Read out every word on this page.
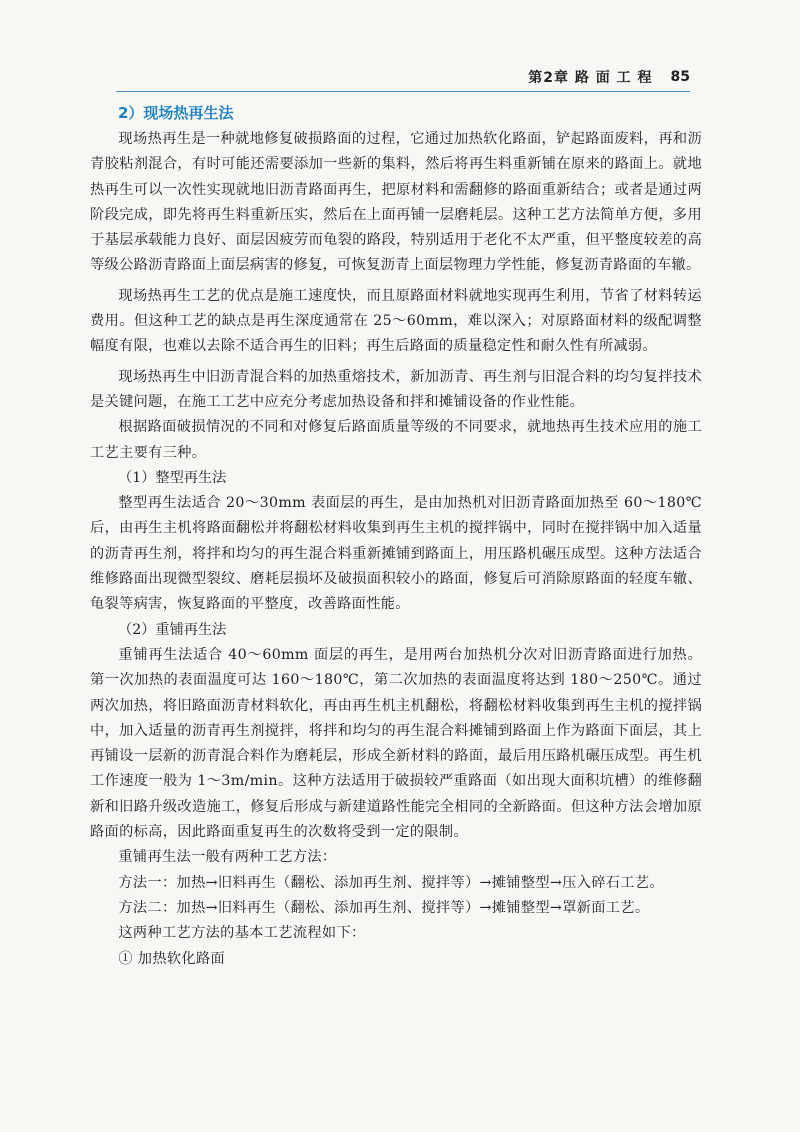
第2章 路 面 工 程 85
2）现场热再生法

现场热再生是一种就地修复破损路面的过程，它通过加热软化路面，铲起路面废料，再和沥青胶粘剂混合，有时可能还需要添加一些新的集料，然后将再生料重新铺在原来的路面上。就地热再生可以一次性实现就地旧沥青路面再生，把原材料和需翻修的路面重新结合；或者是通过两阶段完成，即先将再生料重新压实，然后在上面再铺一层磨耗层。这种工艺方法简单方便，多用于基层承载能力良好、面层因疲劳而龟裂的路段，特别适用于老化不太严重，但平整度较差的高等级公路沥青路面上面层病害的修复，可恢复沥青上面层物理力学性能，修复沥青路面的车辙。

现场热再生工艺的优点是施工速度快，而且原路面材料就地实现再生利用，节省了材料转运费用。但这种工艺的缺点是再生深度通常在 25～60mm，难以深入；对原路面材料的级配调整幅度有限，也难以去除不适合再生的旧料；再生后路面的质量稳定性和耐久性有所减弱。

现场热再生中旧沥青混合料的加热重熔技术，新加沥青、再生剂与旧混合料的均匀复拌技术是关键问题，在施工工艺中应充分考虑加热设备和拌和摊铺设备的作业性能。

根据路面破损情况的不同和对修复后路面质量等级的不同要求，就地热再生技术应用的施工工艺主要有三种。

（1）整型再生法

整型再生法适合 20～30mm 表面层的再生，是由加热机对旧沥青路面加热至 60～180℃后，由再生主机将路面翻松并将翻松材料收集到再生主机的搅拌锅中，同时在搅拌锅中加入适量的沥青再生剂，将拌和均匀的再生混合料重新摊铺到路面上，用压路机碾压成型。这种方法适合维修路面出现微型裂纹、磨耗层损坏及破损面积较小的路面，修复后可消除原路面的轻度车辙、龟裂等病害，恢复路面的平整度，改善路面性能。

（2）重铺再生法

重铺再生法适合 40～60mm 面层的再生，是用两台加热机分次对旧沥青路面进行加热。第一次加热的表面温度可达 160～180℃，第二次加热的表面温度将达到 180～250℃。通过两次加热，将旧路面沥青材料软化，再由再生机主机翻松，将翻松材料收集到再生主机的搅拌锅中，加入适量的沥青再生剂搅拌，将拌和均匀的再生混合料摊铺到路面上作为路面下面层，其上再铺设一层新的沥青混合料作为磨耗层，形成全新材料的路面，最后用压路机碾压成型。再生机工作速度一般为 1～3m/min。这种方法适用于破损较严重路面（如出现大面积坑槽）的维修翻新和旧路升级改造施工，修复后形成与新建道路性能完全相同的全新路面。但这种方法会增加原路面的标高，因此路面重复再生的次数将受到一定的限制。

重铺再生法一般有两种工艺方法：

方法一：加热→旧料再生（翻松、添加再生剂、搅拌等）→摊铺整型→压入碎石工艺。

方法二：加热→旧料再生（翻松、添加再生剂、搅拌等）→摊铺整型→罩新面工艺。

这两种工艺方法的基本工艺流程如下：

① 加热软化路面
